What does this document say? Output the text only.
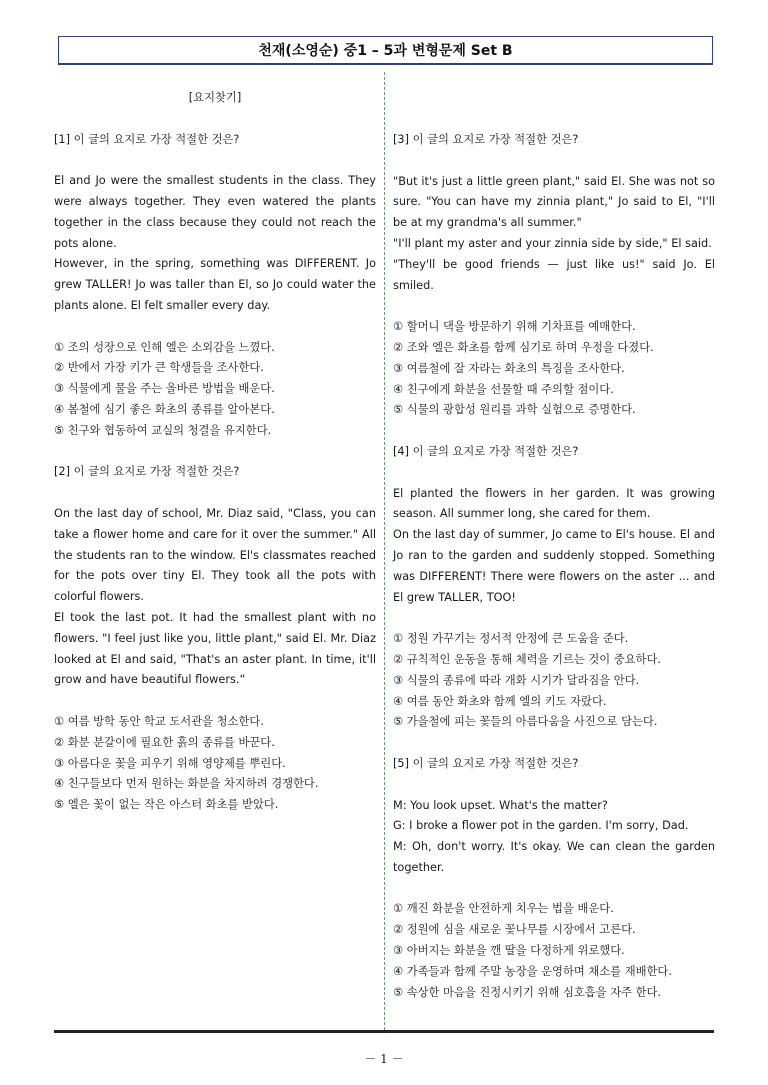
천재(소영순) 중1 – 5과 변형문제 Set B
[요지찾기]
[1] 이 글의 요지로 가장 적절한 것은?

El and Jo were the smallest students in the class. They were always together. They even watered the plants together in the class because they could not reach the pots alone.

However, in the spring, something was DIFFERENT. Jo grew TALLER! Jo was taller than El, so Jo could water the plants alone. El felt smaller every day.

① 조의 성장으로 인해 엘은 소외감을 느꼈다.
② 반에서 가장 키가 큰 학생들을 조사한다.
③ 식물에게 물을 주는 올바른 방법을 배운다.
④ 봄철에 심기 좋은 화초의 종류를 알아본다.
⑤ 친구와 협동하여 교실의 청결을 유지한다.
[2] 이 글의 요지로 가장 적절한 것은?

On the last day of school, Mr. Diaz said, "Class, you can take a flower home and care for it over the summer." All the students ran to the window. El's classmates reached for the pots over tiny El. They took all the pots with colorful flowers.

El took the last pot. It had the smallest plant with no flowers. "I feel just like you, little plant," said El. Mr. Diaz looked at El and said, "That's an aster plant. In time, it'll grow and have beautiful flowers.“

① 여름 방학 동안 학교 도서관을 청소한다.
② 화분 분갈이에 필요한 흙의 종류를 바꾼다.
③ 아름다운 꽃을 피우기 위해 영양제를 뿌린다.
④ 친구들보다 먼저 원하는 화분을 차지하려 경쟁한다.
⑤ 엘은 꽃이 없는 작은 아스터 화초를 받았다.
[3] 이 글의 요지로 가장 적절한 것은?

"But it's just a little green plant," said El. She was not so sure. "You can have my zinnia plant," Jo said to El, "I'll be at my grandma's all summer."

"I'll plant my aster and your zinnia side by side," El said.

"They'll be good friends — just like us!" said Jo. El smiled.

① 할머니 댁을 방문하기 위해 기차표를 예매한다.
② 조와 엘은 화초를 함께 심기로 하며 우정을 다졌다.
③ 여름철에 잘 자라는 화초의 특징을 조사한다.
④ 친구에게 화분을 선물할 때 주의할 점이다.
⑤ 식물의 광합성 원리를 과학 실험으로 증명한다.
[4] 이 글의 요지로 가장 적절한 것은?

El planted the flowers in her garden. It was growing season. All summer long, she cared for them.

On the last day of summer, Jo came to El's house. El and Jo ran to the garden and suddenly stopped. Something was DIFFERENT! There were flowers on the aster ... and El grew TALLER, TOO!

① 정원 가꾸기는 정서적 안정에 큰 도움을 준다.
② 규칙적인 운동을 통해 체력을 기르는 것이 중요하다.
③ 식물의 종류에 따라 개화 시기가 달라짐을 안다.
④ 여름 동안 화초와 함께 엘의 키도 자랐다.
⑤ 가을철에 피는 꽃들의 아름다움을 사진으로 담는다.
[5] 이 글의 요지로 가장 적절한 것은?

M: You look upset. What's the matter?

G: I broke a flower pot in the garden. I'm sorry, Dad.

M: Oh, don't worry. It's okay. We can clean the garden together.

① 깨진 화분을 안전하게 치우는 법을 배운다.
② 정원에 심을 새로운 꽃나무를 시장에서 고른다.
③ 아버지는 화분을 깬 딸을 다정하게 위로했다.
④ 가족들과 함께 주말 농장을 운영하며 채소를 재배한다.
⑤ 속상한 마음을 진정시키기 위해 심호흡을 자주 한다.
－ 1 －
